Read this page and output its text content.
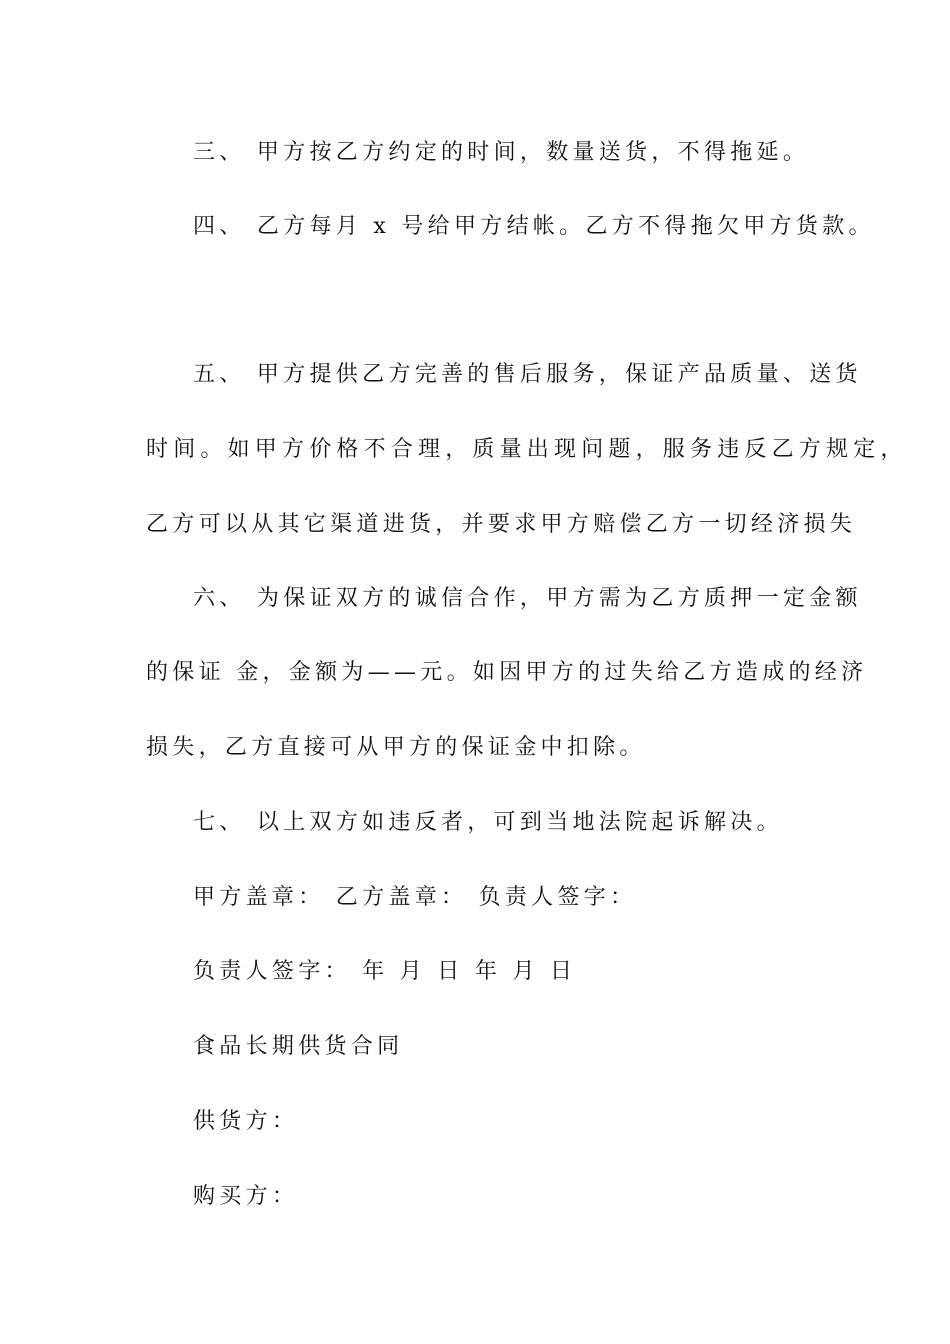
三、 甲方按乙方约定的时间，数量送货，不得拖延。
四、 乙方每月 x 号给甲方结帐。乙方不得拖欠甲方货款。
五、 甲方提供乙方完善的售后服务，保证产品质量、送货
时间。如甲方价格不合理，质量出现问题，服务违反乙方规定，
乙方可以从其它渠道进货，并要求甲方赔偿乙方一切经济损失
六、 为保证双方的诚信合作，甲方需为乙方质押一定金额
的保证 金，金额为——元。如因甲方的过失给乙方造成的经济
损失，乙方直接可从甲方的保证金中扣除。
七、 以上双方如违反者，可到当地法院起诉解决。
甲方盖章： 乙方盖章： 负责人签字：
负责人签字： 年 月 日 年 月 日
食品长期供货合同
供货方：
购买方：
